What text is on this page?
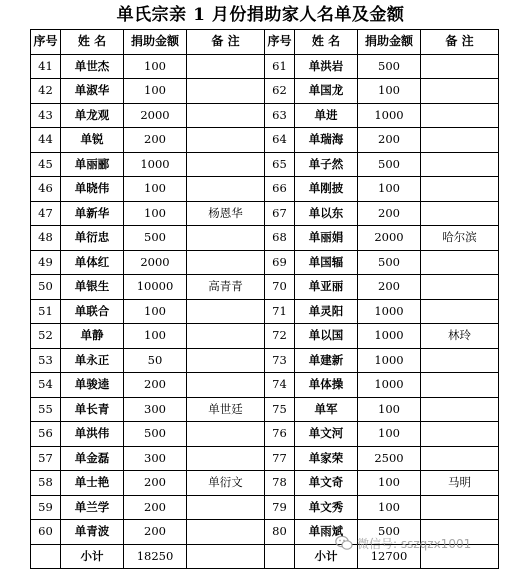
单氏宗亲 1 月份捐助家人名单及金额
序号	姓 名	捐助金额	备 注	序号	姓 名	捐助金额	备 注
41	单世杰	100		61	单洪岩	500	
42	单淑华	100		62	单国龙	100	
43	单龙观	2000		63	单进	1000	
44	单锐	200		64	单瑞海	200	
45	单丽郦	1000		65	单子然	500	
46	单晓伟	100		66	单刚披	100	
47	单新华	100	杨恩华	67	单以东	200	
48	单衍忠	500		68	单丽娟	2000	哈尔滨
49	单体红	2000		69	单国辐	500	
50	单银生	10000	高青青	70	单亚丽	200	
51	单联合	100		71	单灵阳	1000	
52	单静	100		72	单以国	1000	林玲
53	单永正	50		73	单建新	1000	
54	单骏逵	200		74	单体操	1000	
55	单长青	300	单世廷	75	单军	100	
56	单洪伟	500		76	单文河	100	
57	单金磊	300		77	单家荣	2500	
58	单士艳	200	单衍文	78	单文奇	100	马明
59	单兰学	200		79	单文秀	100	
60	单青波	200		80	单雨斌	500	
	小计	18250			小计	12700	
微信号: sszqzx1001
